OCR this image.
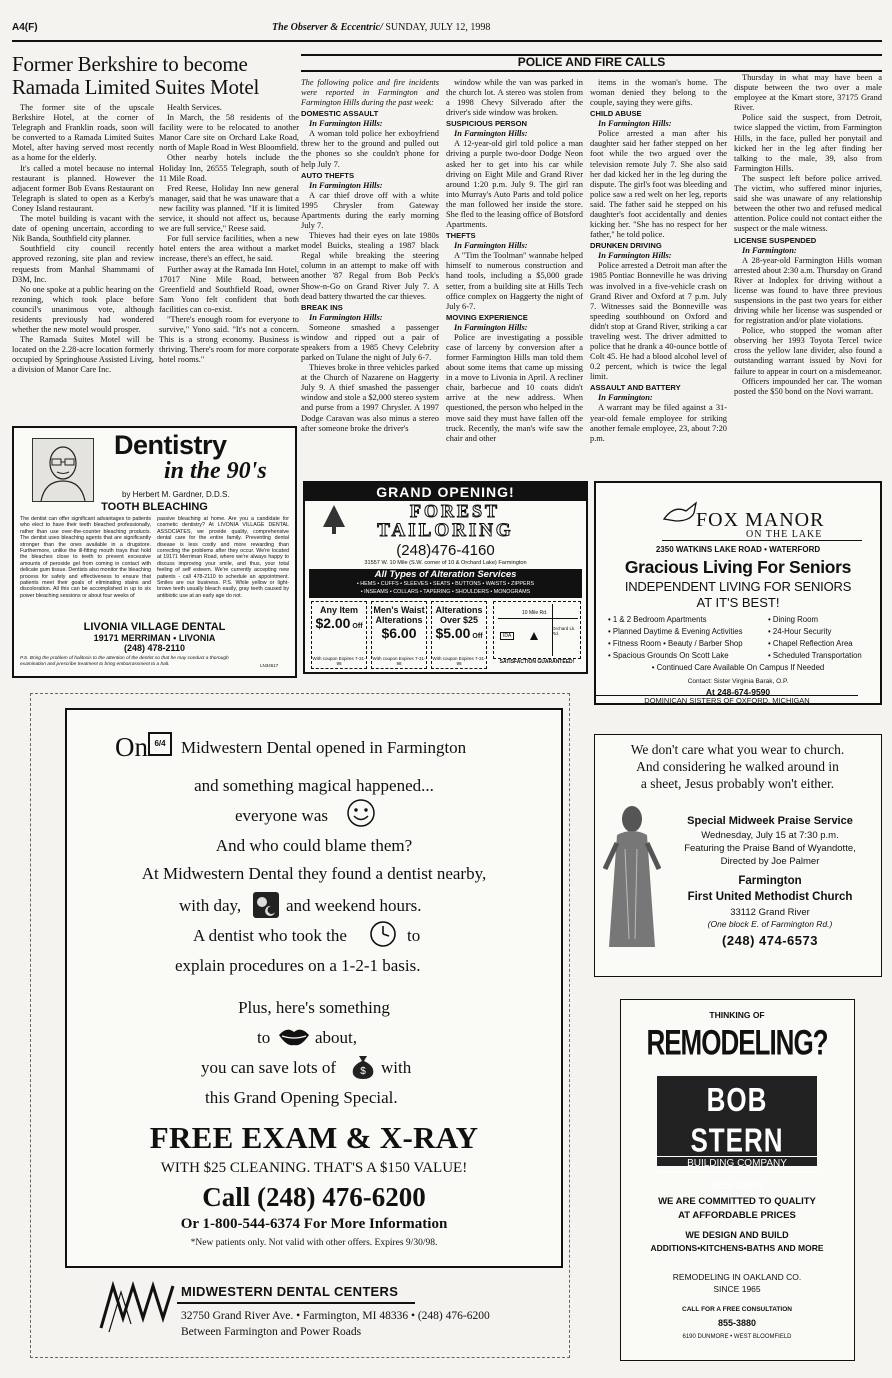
A4(F)	The Observer & Eccentric/ SUNDAY, JULY 12, 1998
Former Berkshire to become
Ramada Limited Suites Motel

The former site of the upscale Berkshire Hotel, at the corner of Telegraph and Franklin roads, soon will be converted to a Ramada Limited Suites Motel, after having served most recently as a home for the elderly.

It's called a motel because no internal restaurant is planned. However the adjacent former Bob Evans Restaurant on Telegraph is slated to open as a Kerby's Coney Island restaurant.

The motel building is vacant with the date of opening uncertain, according to Nik Banda, Southfield city planner.

Southfield city council recently approved rezoning, site plan and review requests from Manhal Shammami of D3M, Inc.

No one spoke at a public hearing on the rezoning, which took place before council's unanimous vote, although residents previously had wondered whether the new motel would prosper.

The Ramada Suites Motel will be located on the 2.28-acre location formerly occupied by Springhouse Assisted Living, a division of Manor Care Inc.

Health Services.

In March, the 58 residents of the facility were to be relocated to another Manor Care site on Orchard Lake Road, north of Maple Road in West Bloomfield.

Other nearby hotels include the Holiday Inn, 26555 Telegraph, south of 11 Mile Road.

Fred Reese, Holiday Inn new general manager, said that he was unaware that a new facility was planned. "If it is limited service, it should not affect us, because we are full service," Reese said.

For full service facilities, when a new hotel enters the area without a market increase, there's an effect, he said.

Further away at the Ramada Inn Hotel, 17017 Nine Mile Road, between Greenfield and Southfield Road, owner Sam Yono felt confident that both facilities can co-exist.

"There's enough room for everyone to survive," Yono said. "It's not a concern. This is a strong economy. Business is thriving. There's room for more corporate hotel rooms."

POLICE AND FIRE CALLS

The following police and fire incidents were reported in Farmington and Farmington Hills during the past week:

DOMESTIC ASSAULT

In Farmington Hills:

A woman told police her exboyfriend threw her to the ground and pulled out the phones so she couldn't phone for help July 7.

AUTO THEFTS

In Farmington Hills:

A car thief drove off with a white 1995 Chrysler from Gateway Apartments during the early morning July 7.

Thieves had their eyes on late 1980s model Buicks, stealing a 1987 black Regal while breaking the steering column in an attempt to make off with another '87 Regal from Bob Peck's Show-n-Go on Grand River July 7. A dead battery thwarted the car thieves.

BREAK INS

In Farmington Hills:

Someone smashed a passenger window and ripped out a pair of speakers from a 1985 Chevy Celebrity parked on Tulane the night of July 6-7.

Thieves broke in three vehicles parked at the Church of Nazarene on Haggerty July 9. A thief smashed the passenger window and stole a $2,000 stereo system and purse from a 1997 Chrysler. A 1997 Dodge Caravan was also minus a stereo after someone broke the driver's

window while the van was parked in the church lot. A stereo was stolen from a 1998 Chevy Silverado after the driver's side window was broken.

SUSPICIOUS PERSON

In Farmington Hills:

A 12-year-old girl told police a man driving a purple two-door Dodge Neon asked her to get into his car while driving on Eight Mile and Grand River around 1:20 p.m. July 9. The girl ran into Murray's Auto Parts and told police the man followed her inside the store. She fled to the leasing office of Botsford Apartments.

THEFTS

In Farmington Hills:

A "Tim the Toolman" wannabe helped himself to numerous construction and hand tools, including a $5,000 grade setter, from a building site at Hills Tech office complex on Haggerty the night of July 6-7.

MOVING EXPERIENCE

In Farmington Hills:

Police are investigating a possible case of larceny by conversion after a former Farmington Hills man told them about some items that came up missing in a move to Livonia in April. A recliner chair, barbecue and 10 coats didn't arrive at the new address. When questioned, the person who helped in the move said they must have fallen off the truck. Recently, the man's wife saw the chair and other

items in the woman's home. The woman denied they belong to the couple, saying they were gifts.

CHILD ABUSE

In Farmington Hills:

Police arrested a man after his daughter said her father stepped on her foot while the two argued over the television remote July 7. She also said her dad kicked her in the leg during the dispute. The girl's foot was bleeding and police saw a red welt on her leg, reports said. The father said he stepped on his daughter's foot accidentally and denies kicking her. "She has no respect for her father," he told police.

DRUNKEN DRIVING

In Farmington Hills:

Police arrested a Detroit man after the 1985 Pontiac Bonneville he was driving was involved in a five-vehicle crash on Grand River and Oxford at 7 p.m. July 7. Witnesses said the Bonneville was speeding southbound on Oxford and didn't stop at Grand River, striking a car traveling west. The driver admitted to police that he drank a 40-ounce bottle of Colt 45. He had a blood alcohol level of 0.2 percent, which is twice the legal limit.

ASSAULT AND BATTERY

In Farmington:

A warrant may be filed against a 31-year-old female employee for striking another female employee, 23, about 7:20 p.m.

Thursday in what may have been a dispute between the two over a male employee at the Kmart store, 37175 Grand River.

Police said the suspect, from Detroit, twice slapped the victim, from Farmington Hills, in the face, pulled her ponytail and kicked her in the leg after finding her talking to the male, 39, also from Farmington Hills.

The suspect left before police arrived. The victim, who suffered minor injuries, said she was unaware of any relationship between the other two and refused medical attention. Police could not contact either the suspect or the male witness.

LICENSE SUSPENDED

In Farmington:

A 28-year-old Farmington Hills woman arrested about 2:30 a.m. Thursday on Grand River at Indoplex for driving without a license was found to have three previous suspensions in the past two years for either driving while her license was suspended or for registration and/or plate violations.

Police, who stopped the woman after observing her 1993 Toyota Tercel twice cross the yellow lane divider, also found a outstanding warrant issued by Novi for failure to appear in court on a misdemeanor.

Officers impounded her car. The woman posted the $50 bond on the Novi warrant.

Dentistry
in the 90's
by Herbert M. Gardner, D.D.S.
TOOTH BLEACHING
The dentist can offer significant advantages to patients who elect to have their teeth bleached professionally, rather than use over-the-counter bleaching products. The dentist uses bleaching agents that are significantly stronger than the ones available in a drugstore. Furthermore, unlike the ill-fitting mouth trays that hold the bleaches close to teeth to prevent excessive amounts of peroxide gel from coming in contact with delicate gum tissue. Dentists also monitor the bleaching process for safety and effectiveness to ensure that patients meet their goals of eliminating stains and discoloration. All this can be accomplished in up to six power bleaching sessions or about four weeks of
passive bleaching at home. Are you a candidate for cosmetic dentistry? At LIVONIA VILLAGE DENTAL ASSOCIATES, we provide quality, comprehensive dental care for the entire family. Preventing dental disease is less costly and more rewarding than correcting the problems after they occur. We're located at 19171 Merriman Road, where we're always happy to discuss improving your smile, and thus, your total feeling of self esteem. We're currently accepting new patients - call 478-2110 to schedule an appointment. Smiles are our business. P.S. While yellow or light-brown teeth usually bleach easily, gray teeth caused by antibiotic use at an early age do not.
LIVONIA VILLAGE DENTAL
19171 MERRIMAN • LIVONIA
(248) 478-2110
P.S. Bring the problem of halitosis to the attention of the dentist so that he may conduct a thorough examination and prescribe treatment to bring embarrassment to a halt.	LN34617
GRAND OPENING!
FOREST
TAILORING
(248)476-4160
31557 W. 10 Mile (S.W. corner of 10 & Orchard Lake) Farmington
All Types of Alteration Services
• HEMS • CUFFS • SLEEVES • SEATS • BUTTONS • WAISTS • ZIPPERS
• INSEAMS • COLLARS • TAPERING • SHOULDERS • MONOGRAMS
Any Item
$2.00 Off
With coupon Expires 7-31-98
Men's Waist Alterations
$6.00
With coupon Expires 7-31-98
Alterations Over $25
$5.00 Off
With coupon Expires 7-31-98
10 Mile Rd.
IDA
Orchard Lk. Rd.
SATISFACTION GUARANTEED!
FOX MANOR
ON THE LAKE
2350 WATKINS LAKE ROAD • WATERFORD
Gracious Living For Seniors
INDEPENDENT LIVING FOR SENIORS
AT IT'S BEST!
• 1 & 2 Bedroom Apartments
• Planned Daytime & Evening Activities
• Fitness Room • Beauty / Barber Shop
• Spacious Grounds On Scott Lake
• Dining Room
• 24-Hour Security
• Chapel Reflection Area
• Scheduled Transportation
• Continued Care Available On Campus If Needed
Contact: Sister Virginia Barak, O.P.
At 248-674-9590
DOMINICAN SISTERS OF OXFORD, MICHIGAN
On 6/4 Midwestern Dental opened in Farmington
and something magical happened...
everyone was
And who could blame them?
At Midwestern Dental they found a dentist nearby,
with day,	and weekend hours.
A dentist who took the	to
explain procedures on a 1-2-1 basis.
Plus, here's something
to	about,
you can save lots of $ with
this Grand Opening Special.
FREE EXAM & X-RAY
WITH $25 CLEANING. THAT'S A $150 VALUE!
Call (248) 476-6200
Or 1-800-544-6374 For More Information
*New patients only. Not valid with other offers. Expires 9/30/98.
MIDWESTERN DENTAL CENTERS
32750 Grand River Ave. • Farmington, MI 48336 • (248) 476-6200
Between Farmington and Power Roads
We don't care what you wear to church.
And considering he walked around in
a sheet, Jesus probably won't either.
Special Midweek Praise Service
Wednesday, July 15 at 7:30 p.m.
Featuring the Praise Band of Wyandotte,
Directed by Joe Palmer
Farmington
First United Methodist Church
33112 Grand River
(One block E. of Farmington Rd.)
(248) 474-6573
THINKING OF
REMODELING?
BOB STERN
BUILDING COMPANY
855-3880
WE ARE COMMITTED TO QUALITY
AT AFFORDABLE PRICES
WE DESIGN AND BUILD
ADDITIONS•KITCHENS•BATHS AND MORE
REMODELING IN OAKLAND CO.
SINCE 1965
CALL FOR A FREE CONSULTATION
855-3880
6190 DUNMORE • WEST BLOOMFIELD
